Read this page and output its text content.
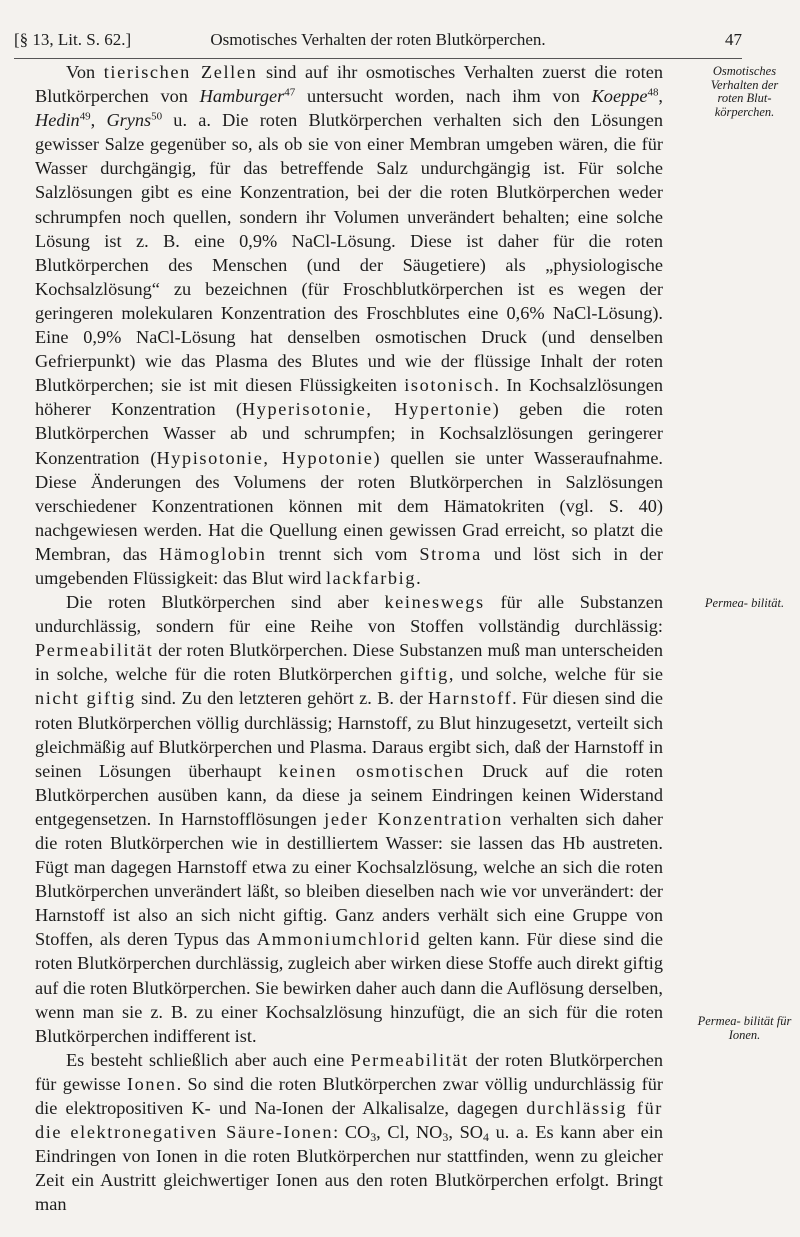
[§ 13, Lit. S. 62.]	Osmotisches Verhalten der roten Blutkörperchen.	47
Osmotisches Verhalten der roten Blut- körperchen.
Permea- bilität.
Permea- bilität für Ionen.

Von tierischen Zellen sind auf ihr osmotisches Verhalten zuerst die roten Blutkörperchen von Hamburger$^{47}$ untersucht worden, nach ihm von Koeppe$^{48}$, Hedin$^{49}$, Gryns$^{50}$ u. a. Die roten Blutkörperchen verhalten sich den Lösungen gewisser Salze gegenüber so, als ob sie von einer Membran umgeben wären, die für Wasser durchgängig, für das betreffende Salz undurchgängig ist. Für solche Salzlösungen gibt es eine Konzentration, bei der die roten Blutkörperchen weder schrumpfen noch quellen, sondern ihr Volumen unverändert behalten; eine solche Lösung ist z. B. eine 0,9% NaCl-Lösung. Diese ist daher für die roten Blutkörperchen des Menschen (und der Säugetiere) als „physiologische Kochsalzlösung“ zu bezeichnen (für Froschblutkörperchen ist es wegen der geringeren molekularen Konzentration des Froschblutes eine 0,6% NaCl-Lösung). Eine 0,9% NaCl-Lösung hat denselben osmotischen Druck (und denselben Gefrierpunkt) wie das Plasma des Blutes und wie der flüssige Inhalt der roten Blutkörperchen; sie ist mit diesen Flüssigkeiten isotonisch. In Kochsalzlösungen höherer Konzentration (Hyperisotonie, Hypertonie) geben die roten Blutkörperchen Wasser ab und schrumpfen; in Kochsalzlösungen geringerer Konzentration (Hypisotonie, Hypotonie) quellen sie unter Wasseraufnahme. Diese Änderungen des Volumens der roten Blutkörperchen in Salzlösungen verschiedener Konzentrationen können mit dem Hämatokriten (vgl. S. 40) nachgewiesen werden. Hat die Quellung einen gewissen Grad erreicht, so platzt die Membran, das Hämoglobin trennt sich vom Stroma und löst sich in der umgebenden Flüssigkeit: das Blut wird lackfarbig.

Die roten Blutkörperchen sind aber keineswegs für alle Substanzen undurchlässig, sondern für eine Reihe von Stoffen vollständig durchlässig: Permeabilität der roten Blutkörperchen. Diese Substanzen muß man unterscheiden in solche, welche für die roten Blutkörperchen giftig, und solche, welche für sie nicht giftig sind. Zu den letzteren gehört z. B. der Harnstoff. Für diesen sind die roten Blutkörperchen völlig durchlässig; Harnstoff, zu Blut hinzugesetzt, verteilt sich gleichmäßig auf Blutkörperchen und Plasma. Daraus ergibt sich, daß der Harnstoff in seinen Lösungen überhaupt keinen osmotischen Druck auf die roten Blutkörperchen ausüben kann, da diese ja seinem Eindringen keinen Widerstand entgegensetzen. In Harnstofflösungen jeder Konzentration verhalten sich daher die roten Blutkörperchen wie in destilliertem Wasser: sie lassen das Hb austreten. Fügt man dagegen Harnstoff etwa zu einer Kochsalzlösung, welche an sich die roten Blutkörperchen unverändert läßt, so bleiben dieselben nach wie vor unverändert: der Harnstoff ist also an sich nicht giftig. Ganz anders verhält sich eine Gruppe von Stoffen, als deren Typus das Ammoniumchlorid gelten kann. Für diese sind die roten Blutkörperchen durchlässig, zugleich aber wirken diese Stoffe auch direkt giftig auf die roten Blutkörperchen. Sie bewirken daher auch dann die Auflösung derselben, wenn man sie z. B. zu einer Kochsalzlösung hinzufügt, die an sich für die roten Blutkörperchen indifferent ist.

Es besteht schließlich aber auch eine Permeabilität der roten Blutkörperchen für gewisse Ionen. So sind die roten Blutkörperchen zwar völlig undurchlässig für die elektropositiven K- und Na-Ionen der Alkalisalze, dagegen durchlässig für die elektronegativen Säure-Ionen: $CO_3$, Cl, $NO_3$, $SO_4$ u. a. Es kann aber ein Eindringen von Ionen in die roten Blutkörperchen nur stattfinden, wenn zu gleicher Zeit ein Austritt gleichwertiger Ionen aus den roten Blutkörperchen erfolgt. Bringt man
